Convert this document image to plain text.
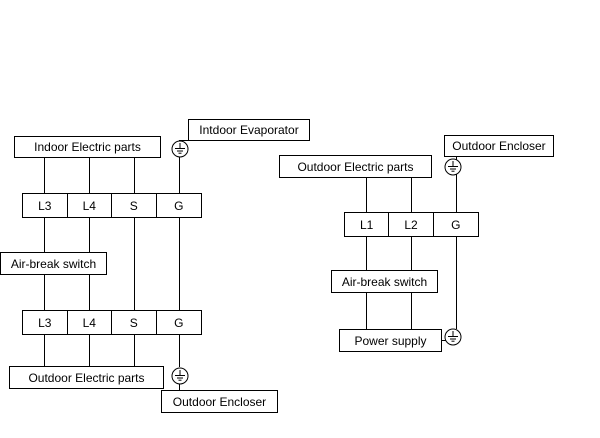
L3	L4	S	G
L3	L4	S	G
L1	L2	G
Intdoor Evaporator
Indoor Electric parts	Outdoor Encloser
Outdoor Electric parts
Air-break switch
Air-break switch
Power supply
Outdoor Electric parts
Outdoor Encloser
